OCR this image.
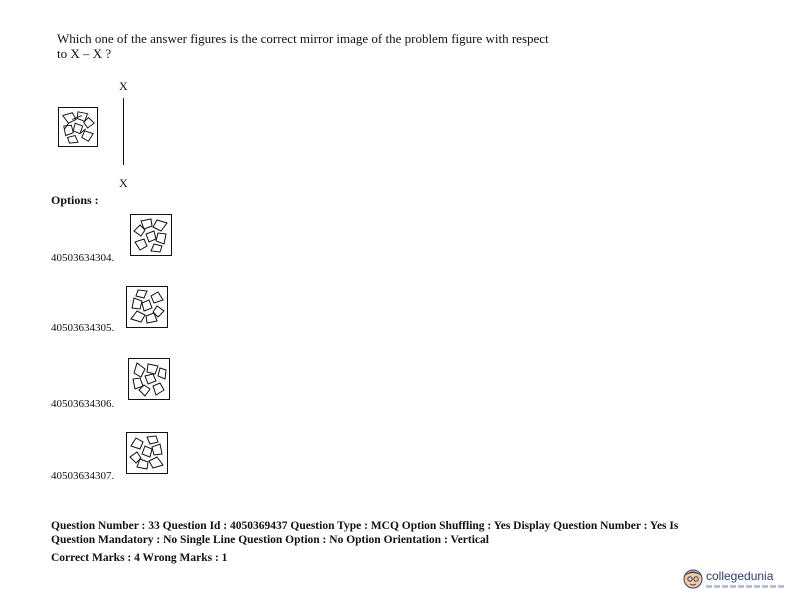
Which one of the answer figures is the correct mirror image of the problem figure with respect
to X – X ?
X
X
Options :
40503634304.
40503634305.
40503634306.
40503634307.
Question Number : 33 Question Id : 4050369437 Question Type : MCQ Option Shuffling : Yes Display Question Number : Yes Is
Question Mandatory : No Single Line Question Option : No Option Orientation : Vertical
Correct Marks : 4 Wrong Marks : 1
collegedunia
